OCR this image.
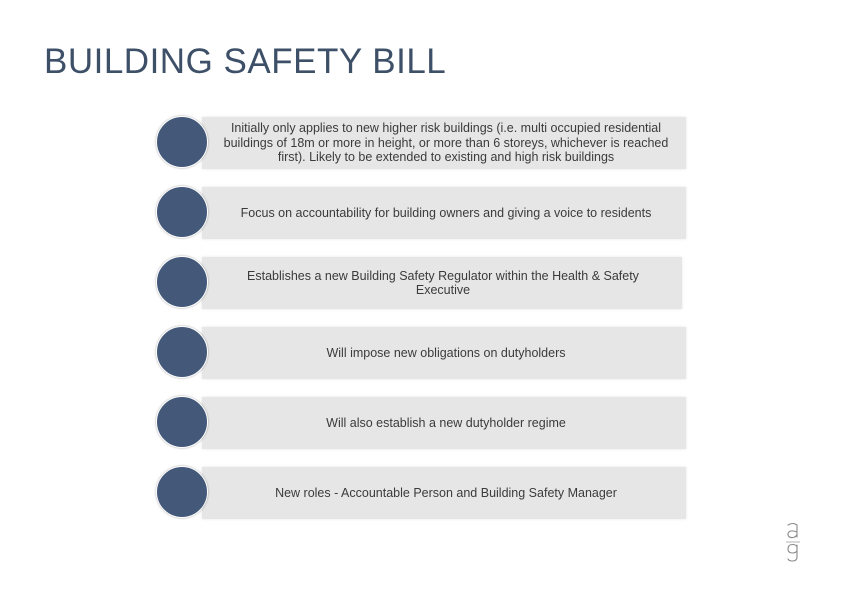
BUILDING SAFETY BILL
Initially only applies to new higher risk buildings (i.e. multi occupied residential buildings of 18m or more in height, or more than 6 storeys, whichever is reached first). Likely to be extended to existing and high risk buildings
Focus on accountability for building owners and giving a voice to residents
Establishes a new Building Safety Regulator within the Health & Safety Executive
Will impose new obligations on dutyholders
Will also establish a new dutyholder regime
New roles - Accountable Person and Building Safety Manager
